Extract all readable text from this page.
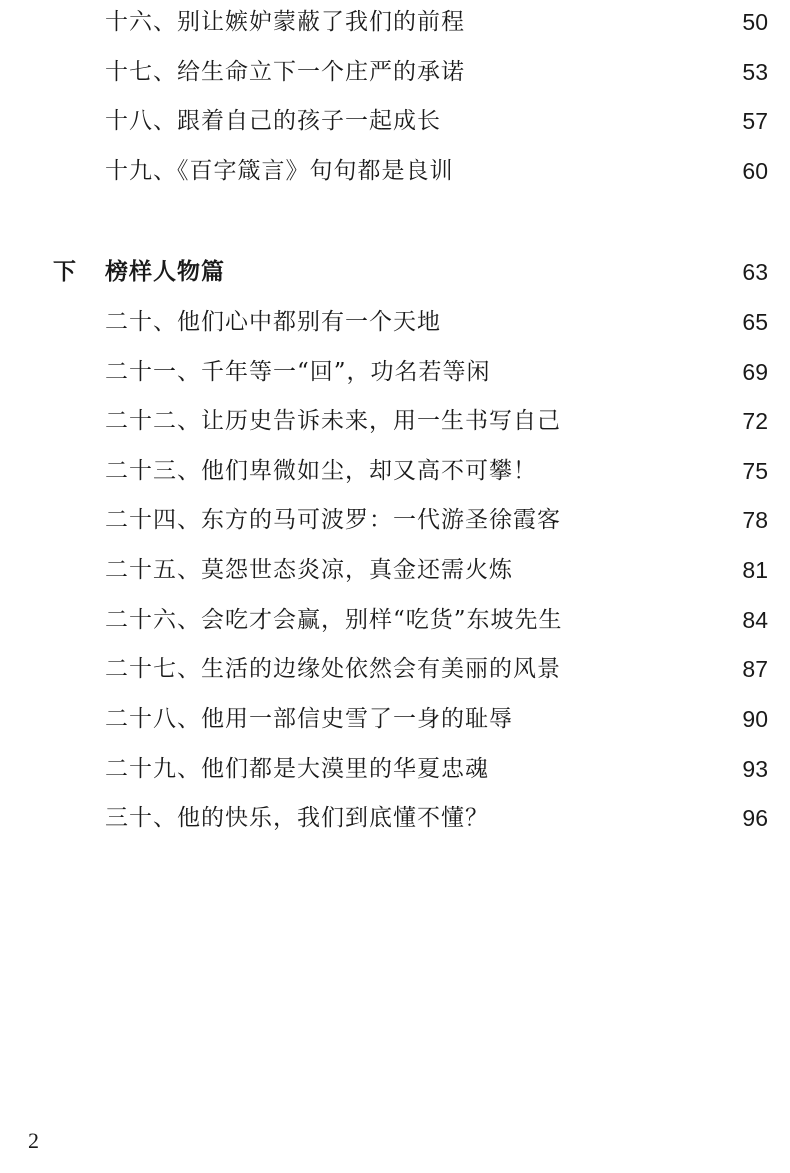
十六、别让嫉妒蒙蔽了我们的前程	50
十七、给生命立下一个庄严的承诺	53
十八、跟着自己的孩子一起成长	57
十九、《百字箴言》句句都是良训	60
下 榜样人物篇	63
二十、他们心中都别有一个天地	65
二十一、千年等一“回”，功名若等闲	69
二十二、让历史告诉未来，用一生书写自己	72
二十三、他们卑微如尘，却又高不可攀！	75
二十四、东方的马可波罗：一代游圣徐霞客	78
二十五、莫怨世态炎凉，真金还需火炼	81
二十六、会吃才会赢，别样“吃货”东坡先生	84
二十七、生活的边缘处依然会有美丽的风景	87
二十八、他用一部信史雪了一身的耻辱	90
二十九、他们都是大漠里的华夏忠魂	93
三十、他的快乐，我们到底懂不懂？	96
2
